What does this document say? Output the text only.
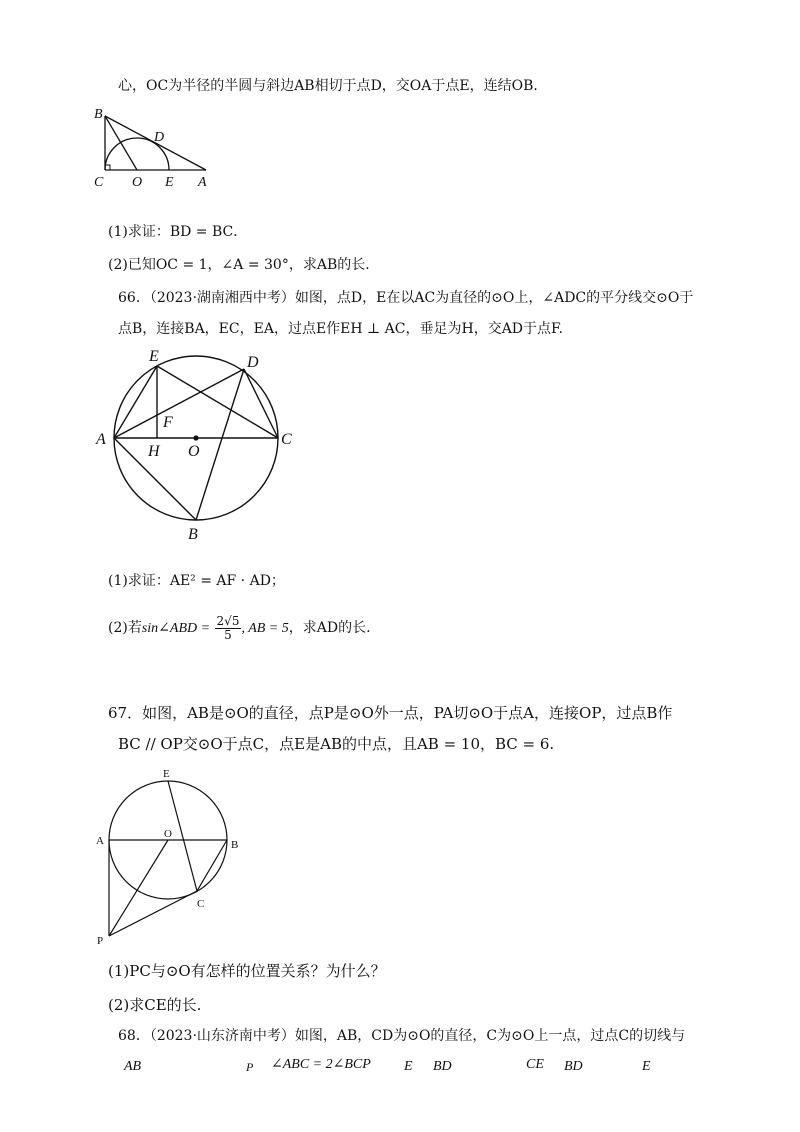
心，OC为半径的半圆与斜边AB相切于点D，交OA于点E，连结OB．
B
D
C O E A
(1)求证：BD = BC．
(2)已知OC = 1，∠A = 30°，求AB的长.
66．（2023·湖南湘西中考）如图，点D，E在以AC为直径的⊙O上，∠ADC的平分线交⊙O于
点B，连接BA，EC，EA，过点E作EH ⊥ AC，垂足为H，交AD于点F.
E	D
F
A
H O
C
B
(1)求证：AE² = AF · AD；
(2)若sin∠ABD = $\frac{2√5}{5}$ , AB = 5，求AD的长.
67．如图，AB是⊙O的直径，点P是⊙O外一点，PA切⊙O于点A，连接OP，过点B作
BC // OP交⊙O于点C，点E是AB的中点，且AB = 10，BC = 6.
E
A
O
B
C
P
(1)PC与⊙O有怎样的位置关系？为什么？
(2)求CE的长.
68．（2023·山东济南中考）如图，AB，CD为⊙O的直径，C为⊙O上一点，过点C的切线与
AB	P ∠ABC = 2∠BCP E BD	CE BD	E
